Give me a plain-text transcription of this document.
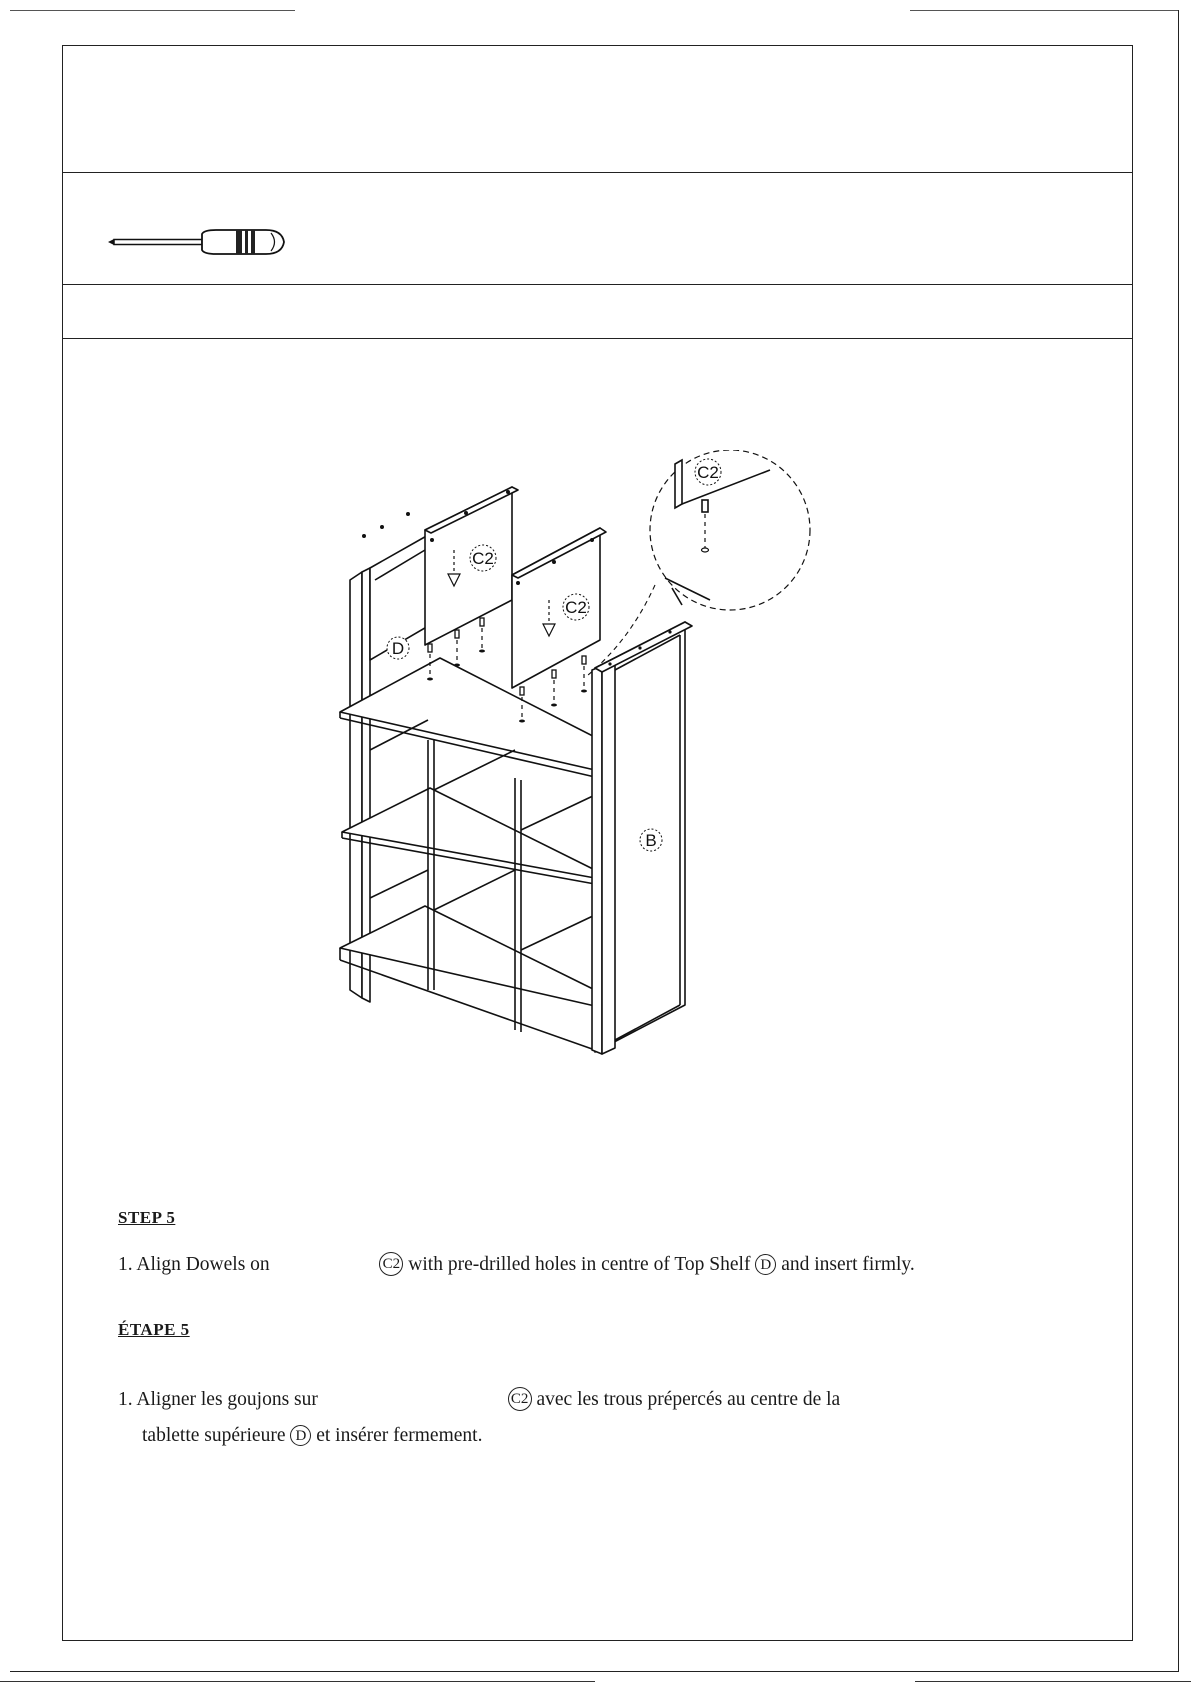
C2
C2
C2
D
B
STEP 5
1. Align Dowels on	C2 with pre-drilled holes in centre of Top Shelf D and insert firmly.
ÉTAPE 5
1. Aligner les goujons sur	C2 avec les trous prépercés au centre de la
tablette supérieure D et insérer fermement.
